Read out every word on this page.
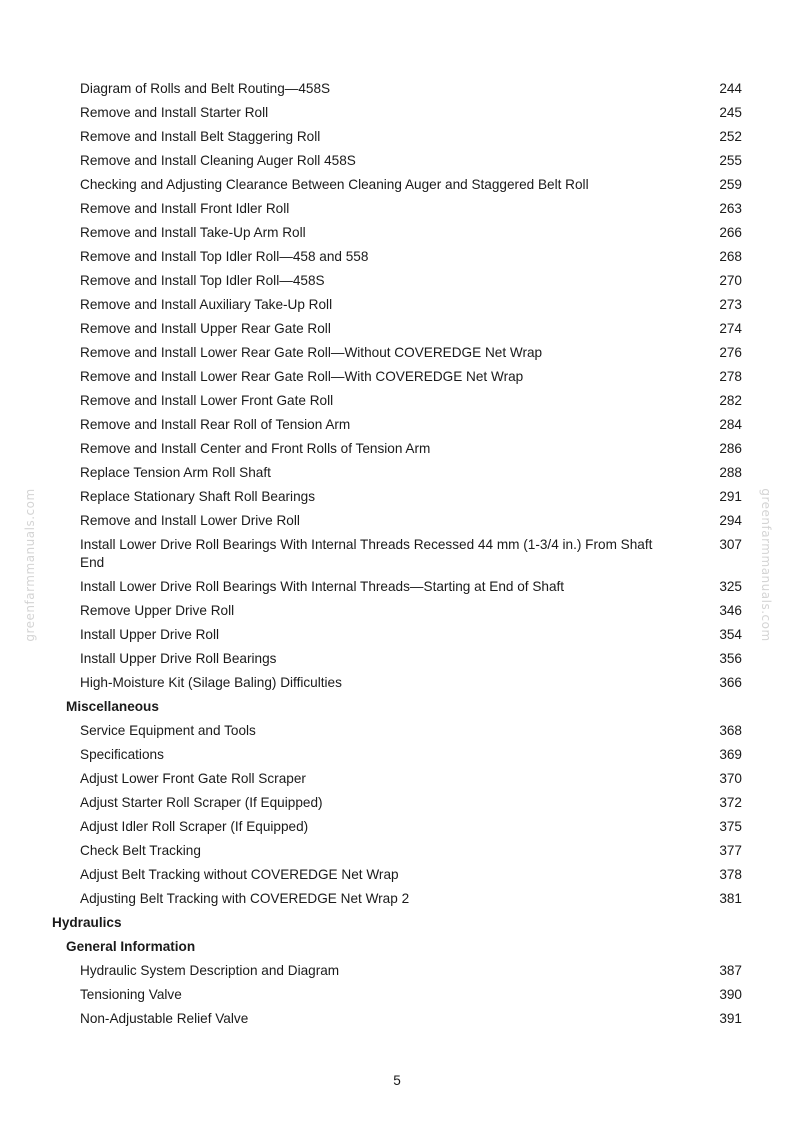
greenfarmmanuals.com	greenfarmmanuals.com
Diagram of Rolls and Belt Routing—458S	244
Remove and Install Starter Roll	245
Remove and Install Belt Staggering Roll	252
Remove and Install Cleaning Auger Roll 458S	255
Checking and Adjusting Clearance Between Cleaning Auger and Staggered Belt Roll	259
Remove and Install Front Idler Roll	263
Remove and Install Take-Up Arm Roll	266
Remove and Install Top Idler Roll—458 and 558	268
Remove and Install Top Idler Roll—458S	270
Remove and Install Auxiliary Take-Up Roll	273
Remove and Install Upper Rear Gate Roll	274
Remove and Install Lower Rear Gate Roll—Without COVEREDGE Net Wrap	276
Remove and Install Lower Rear Gate Roll—With COVEREDGE Net Wrap	278
Remove and Install Lower Front Gate Roll	282
Remove and Install Rear Roll of Tension Arm	284
Remove and Install Center and Front Rolls of Tension Arm	286
Replace Tension Arm Roll Shaft	288
Replace Stationary Shaft Roll Bearings	291
Remove and Install Lower Drive Roll	294
Install Lower Drive Roll Bearings With Internal Threads Recessed 44 mm (1-3/4 in.) From Shaft End
307
Install Lower Drive Roll Bearings With Internal Threads—Starting at End of Shaft	325
Remove Upper Drive Roll	346
Install Upper Drive Roll	354
Install Upper Drive Roll Bearings	356
High-Moisture Kit (Silage Baling) Difficulties	366
Miscellaneous
Service Equipment and Tools	368
Specifications	369
Adjust Lower Front Gate Roll Scraper	370
Adjust Starter Roll Scraper (If Equipped)	372
Adjust Idler Roll Scraper (If Equipped)	375
Check Belt Tracking	377
Adjust Belt Tracking without COVEREDGE Net Wrap	378
Adjusting Belt Tracking with COVEREDGE Net Wrap 2	381
Hydraulics
General Information
Hydraulic System Description and Diagram	387
Tensioning Valve	390
Non-Adjustable Relief Valve	391
5
